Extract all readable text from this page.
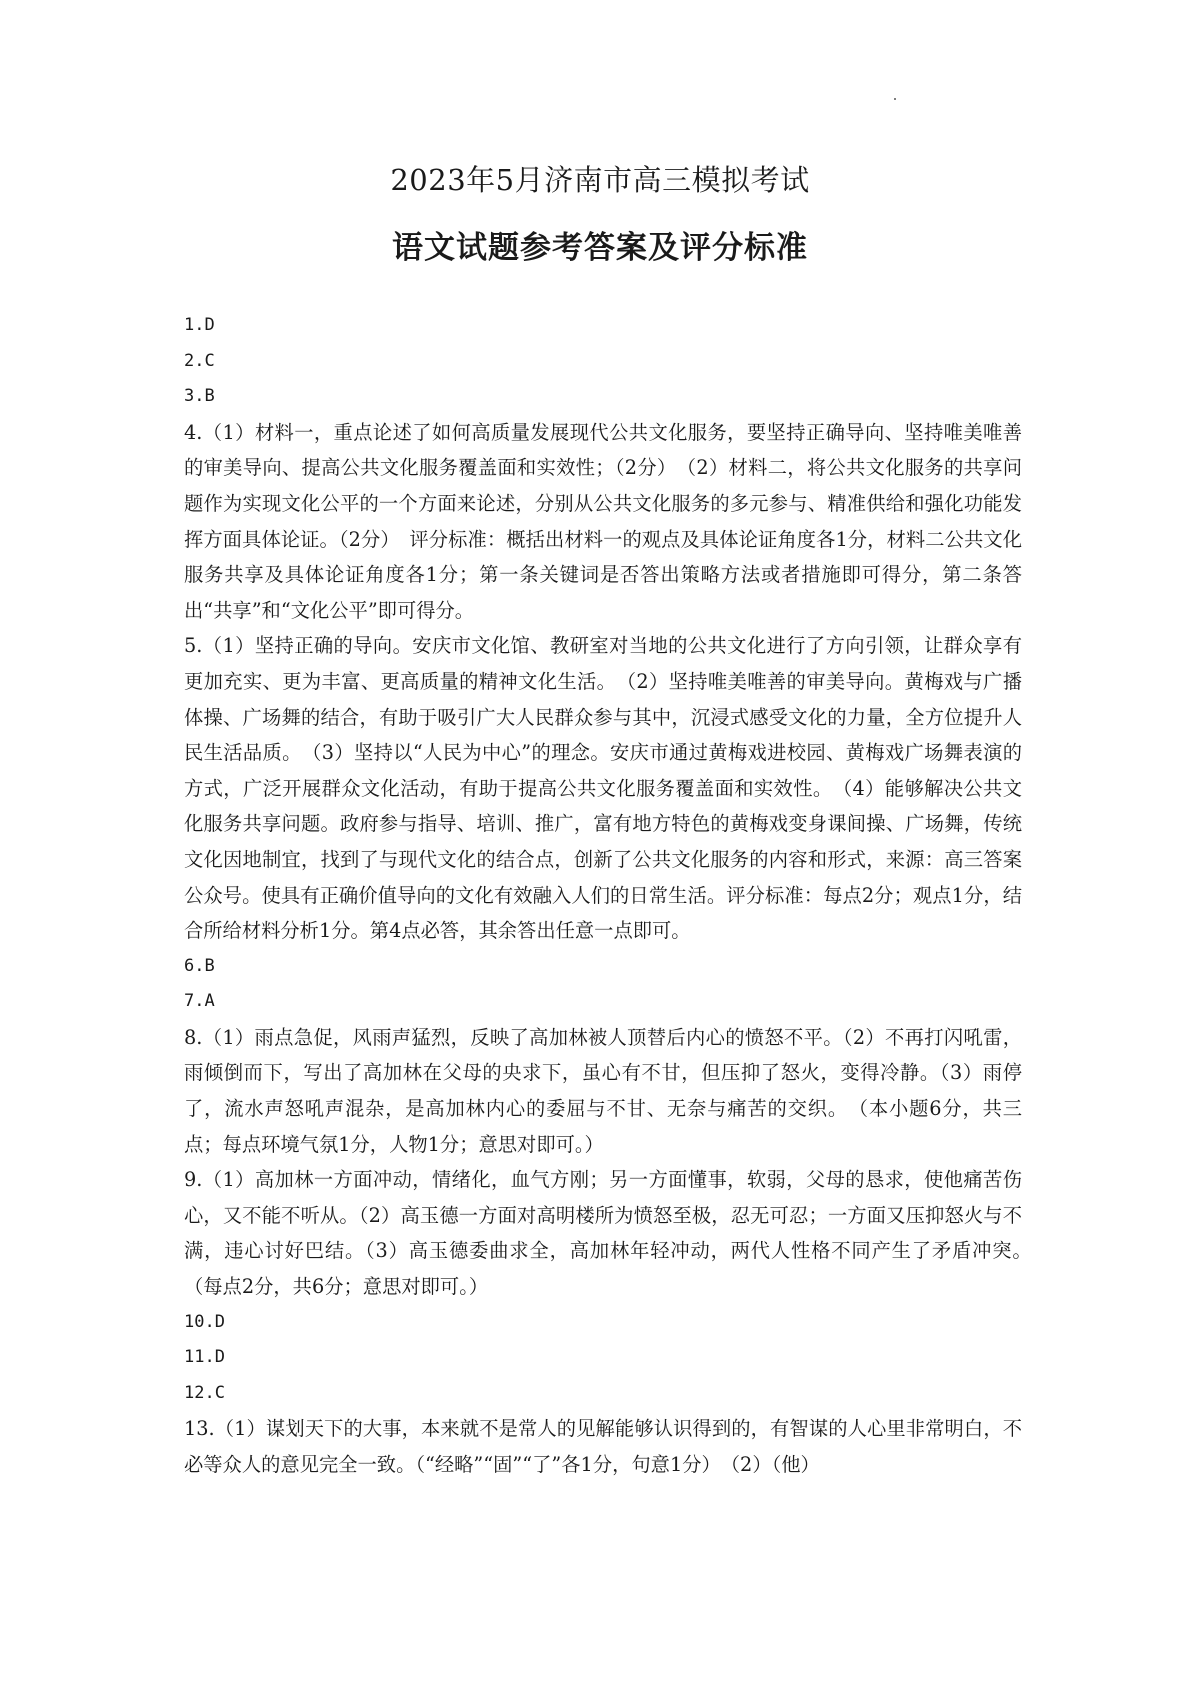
2023年5月济南市高三模拟考试
语文试题参考答案及评分标准

1.D

2.C

3.B

4.（1）材料一，重点论述了如何高质量发展现代公共文化服务，要坚持正确导向、坚持唯美唯善的审美导向、提高公共文化服务覆盖面和实效性；（2分）　（2）材料二，将公共文化服务的共享问题作为实现文化公平的一个方面来论述，分别从公共文化服务的多元参与、精准供给和强化功能发挥方面具体论证。（2分）　评分标准：概括出材料一的观点及具体论证角度各1分，材料二公共文化服务共享及具体论证角度各1分；第一条关键词是否答出策略方法或者措施即可得分，第二条答出“共享”和“文化公平”即可得分。

5.（1）坚持正确的导向。安庆市文化馆、教研室对当地的公共文化进行了方向引领，让群众享有更加充实、更为丰富、更高质量的精神文化生活。　（2）坚持唯美唯善的审美导向。黄梅戏与广播体操、广场舞的结合，有助于吸引广大人民群众参与其中，沉浸式感受文化的力量，全方位提升人民生活品质。　（3）坚持以“人民为中心”的理念。安庆市通过黄梅戏进校园、黄梅戏广场舞表演的方式，广泛开展群众文化活动，有助于提高公共文化服务覆盖面和实效性。　（4）能够解决公共文化服务共享问题。政府参与指导、培训、推广，富有地方特色的黄梅戏变身课间操、广场舞，传统文化因地制宜，找到了与现代文化的结合点，创新了公共文化服务的内容和形式，来源：高三答案公众号。使具有正确价值导向的文化有效融入人们的日常生活。评分标准：每点2分；观点1分，结合所给材料分析1分。第4点必答，其余答出任意一点即可。

6.B

7.A

8.（1）雨点急促，风雨声猛烈，反映了高加林被人顶替后内心的愤怒不平。（2）不再打闪吼雷，雨倾倒而下，写出了高加林在父母的央求下，虽心有不甘，但压抑了怒火，变得冷静。（3）雨停了，流水声怒吼声混杂，是高加林内心的委屈与不甘、无奈与痛苦的交织。　（本小题6分，共三点；每点环境气氛1分，人物1分；意思对即可。）

9.（1）高加林一方面冲动，情绪化，血气方刚；另一方面懂事，软弱，父母的恳求，使他痛苦伤心，又不能不听从。（2）高玉德一方面对高明楼所为愤怒至极，忍无可忍；一方面又压抑怒火与不满，违心讨好巴结。（3）高玉德委曲求全，高加林年轻冲动，两代人性格不同产生了矛盾冲突。　（每点2分，共6分；意思对即可。）

10.D

11.D

12.C

13.（1）谋划天下的大事，本来就不是常人的见解能够认识得到的，有智谋的人心里非常明白，不必等众人的意见完全一致。（“经略”“固”“了”各1分，句意1分）　（2）（他）
